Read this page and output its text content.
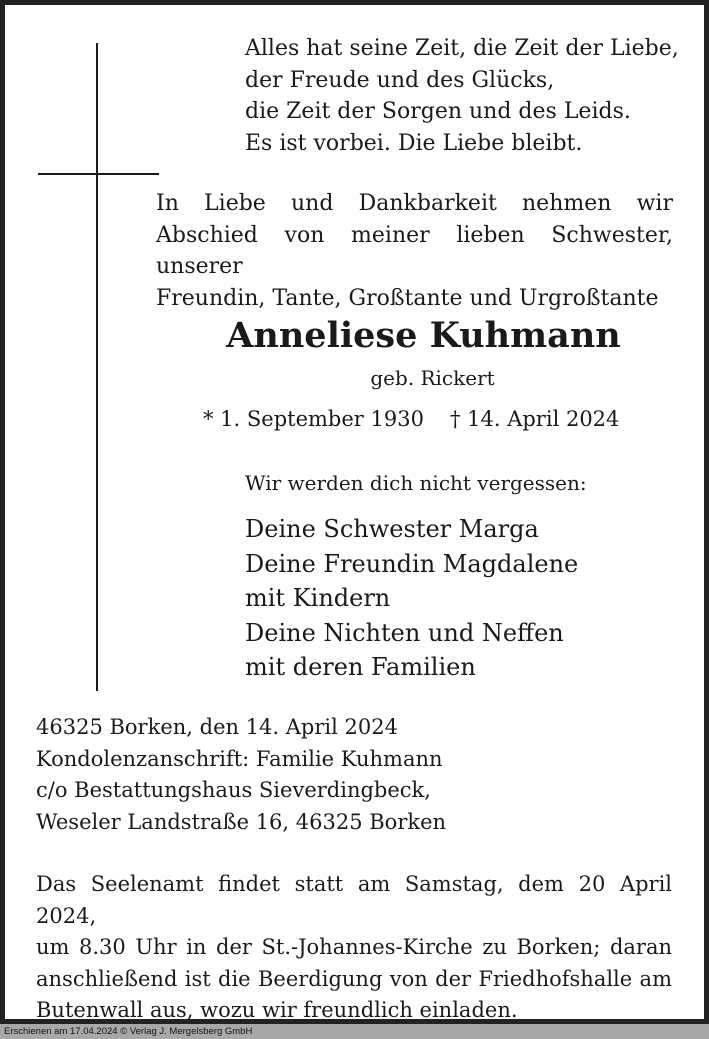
Alles hat seine Zeit, die Zeit der Liebe,
der Freude und des Glücks,
die Zeit der Sorgen und des Leids.
Es ist vorbei. Die Liebe bleibt.
In Liebe und Dankbarkeit nehmen wir
Abschied von meiner lieben Schwester, unserer
Freundin, Tante, Großtante und Urgroßtante
Anneliese Kuhmann
geb. Rickert
* 1. September 1930 † 14. April 2024
Wir werden dich nicht vergessen:
Deine Schwester Marga
Deine Freundin Magdalene
mit Kindern
Deine Nichten und Neffen
mit deren Familien
46325 Borken, den 14. April 2024
Kondolenzanschrift: Familie Kuhmann
c/o Bestattungshaus Sieverdingbeck,
Weseler Landstraße 16, 46325 Borken
Das Seelenamt findet statt am Samstag, dem 20 April 2024,
um 8.30 Uhr in der St.-Johannes-Kirche zu Borken; daran
anschließend ist die Beerdigung von der Friedhofshalle am
Butenwall aus, wozu wir freundlich einladen.
Erschienen am 17.04.2024 © Verlag J. Mergelsberg GmbH
